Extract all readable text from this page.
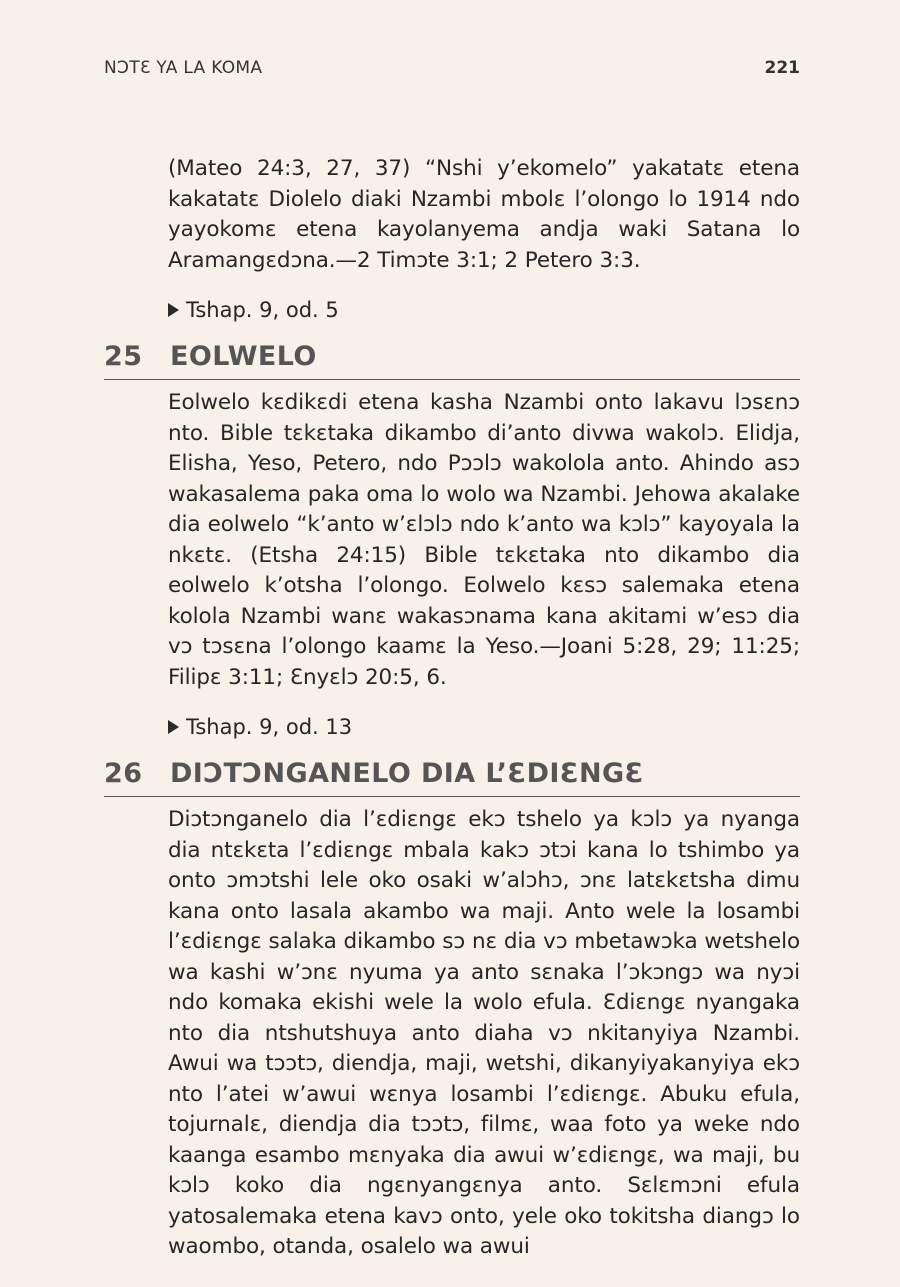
NƆTƐ YA LA KOMA	221

(Mateo 24:3, 27, 37) “Nshi y’ekomelo” yakatatɛ etena kakatatɛ Diolelo diaki Nzambi mbolɛ l’olongo lo 1914 ndo yayokomɛ etena kayolanyema andja waki Satana lo Aramangɛdɔna.—2 Timɔte 3:1; 2 Petero 3:3.

Tshap. 9, od. 5

25 EOLWELO

Eolwelo kɛdikɛdi etena kasha Nzambi onto lakavu lɔsɛnɔ nto. Bible tɛkɛtaka dikambo di’anto divwa wakolɔ. Elidja, Elisha, Yeso, Petero, ndo Pɔɔlɔ wakolola anto. Ahindo asɔ wakasalema paka oma lo wolo wa Nzambi. Jehowa akalake dia eolwelo “k’anto w’ɛlɔlɔ ndo k’anto wa kɔlɔ” kayoyala la nkɛtɛ. (Etsha 24:15) Bible tɛkɛtaka nto dikambo dia eolwelo k’otsha l’olongo. Eolwelo kɛsɔ salemaka etena kolola Nzambi wanɛ wakasɔnama kana akitami w’esɔ dia vɔ tɔsɛna l’olongo kaamɛ la Yeso.—Joani 5:28, 29; 11:25; Filipɛ 3:11; Ɛnyɛlɔ 20:5, 6.

Tshap. 9, od. 13

26 DIƆTƆNGANELO DIA L’ƐDIƐNGƐ

Diɔtɔnganelo dia l’ɛdiɛngɛ ekɔ tshelo ya kɔlɔ ya nyanga dia ntɛkɛta l’ɛdiɛngɛ mbala kakɔ ɔtɔi kana lo tshimbo ya onto ɔmɔtshi lele oko osaki w’alɔhɔ, ɔnɛ latɛkɛtsha dimu kana onto lasala akambo wa maji. Anto wele la losambi l’ɛdiɛngɛ salaka dikambo sɔ nɛ dia vɔ mbetawɔka wetshelo wa kashi w’ɔnɛ nyuma ya anto sɛnaka l’ɔkɔngɔ wa nyɔi ndo komaka ekishi wele la wolo efula. Ɛdiɛngɛ nyangaka nto dia ntshutshuya anto diaha vɔ nkitanyiya Nzambi. Awui wa tɔɔtɔ, diendja, maji, wetshi, dikanyiyakanyiya ekɔ nto l’atei w’awui wɛnya losambi l’ɛdiɛngɛ. Abuku efula, tojurnalɛ, diendja dia tɔɔtɔ, filmɛ, waa foto ya weke ndo kaanga esambo mɛnyaka dia awui w’ɛdiɛngɛ, wa maji, bu kɔlɔ koko dia ngɛnyangɛnya anto. Sɛlɛmɔni efula yatosalemaka etena kavɔ onto, yele oko tokitsha diangɔ lo waombo, otanda, osalelo wa awui
